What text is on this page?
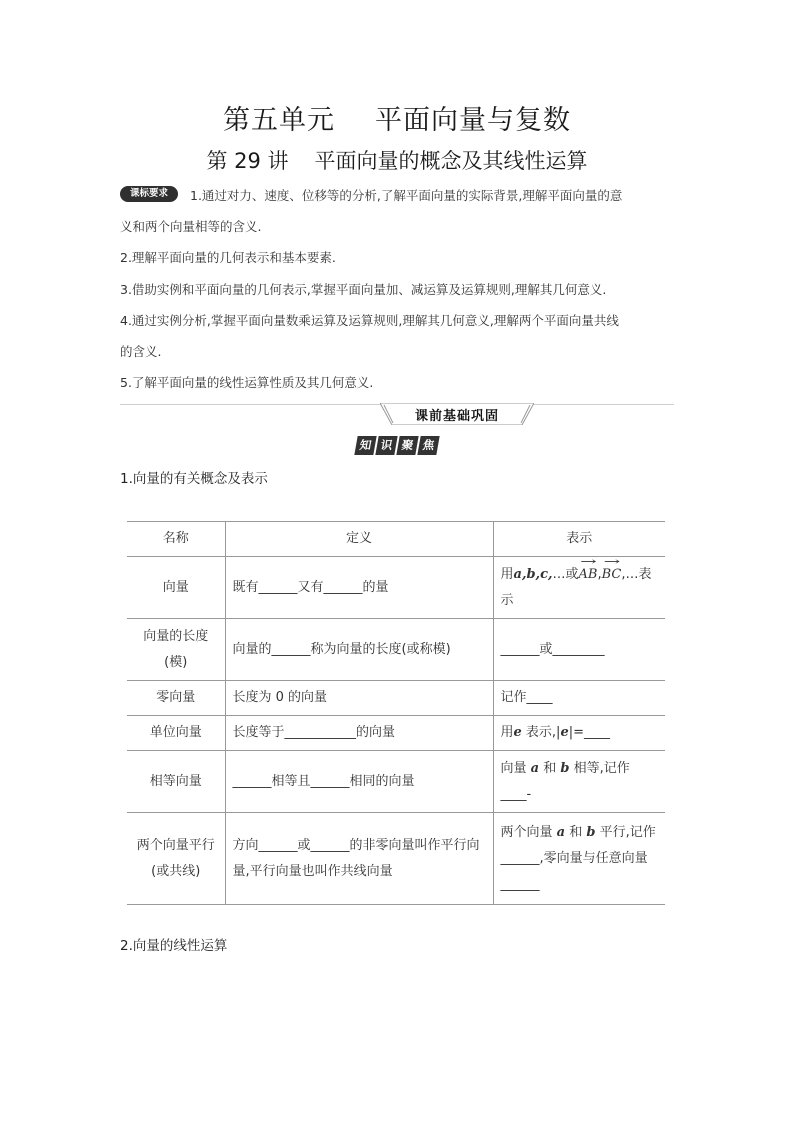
第五单元 平面向量与复数
第 29 讲 平面向量的概念及其线性运算
课标要求	1.通过对力、速度、位移等的分析,了解平面向量的实际背景,理解平面向量的意
义和两个向量相等的含义.
2.理解平面向量的几何表示和基本要素.
3.借助实例和平面向量的几何表示,掌握平面向量加、减运算及运算规则,理解其几何意义.
4.通过实例分析,掌握平面向量数乘运算及运算规则,理解其几何意义,理解两个平面向量共线
的含义.
5.了解平面向量的线性运算性质及其几何意义.
课前基础巩固
知 识 聚 焦
1.向量的有关概念及表示
名称	定义	表示
向量	既有______又有______的量	用a,b,c,…或→ AB,→ BC,…表示
向量的长度(模)	向量的______称为向量的长度(或称模)	______或________
零向量	长度为 0 的向量	记作____
单位向量	长度等于___________的向量	用e 表示,|e|=____
相等向量	______相等且______相同的向量	向量 a 和 b 相等,记作____-
两个向量平行(或共线)	方向______或______的非零向量叫作平行向量,平行向量也叫作共线向量	两个向量 a 和 b 平行,记作______,零向量与任意向量______
2.向量的线性运算
